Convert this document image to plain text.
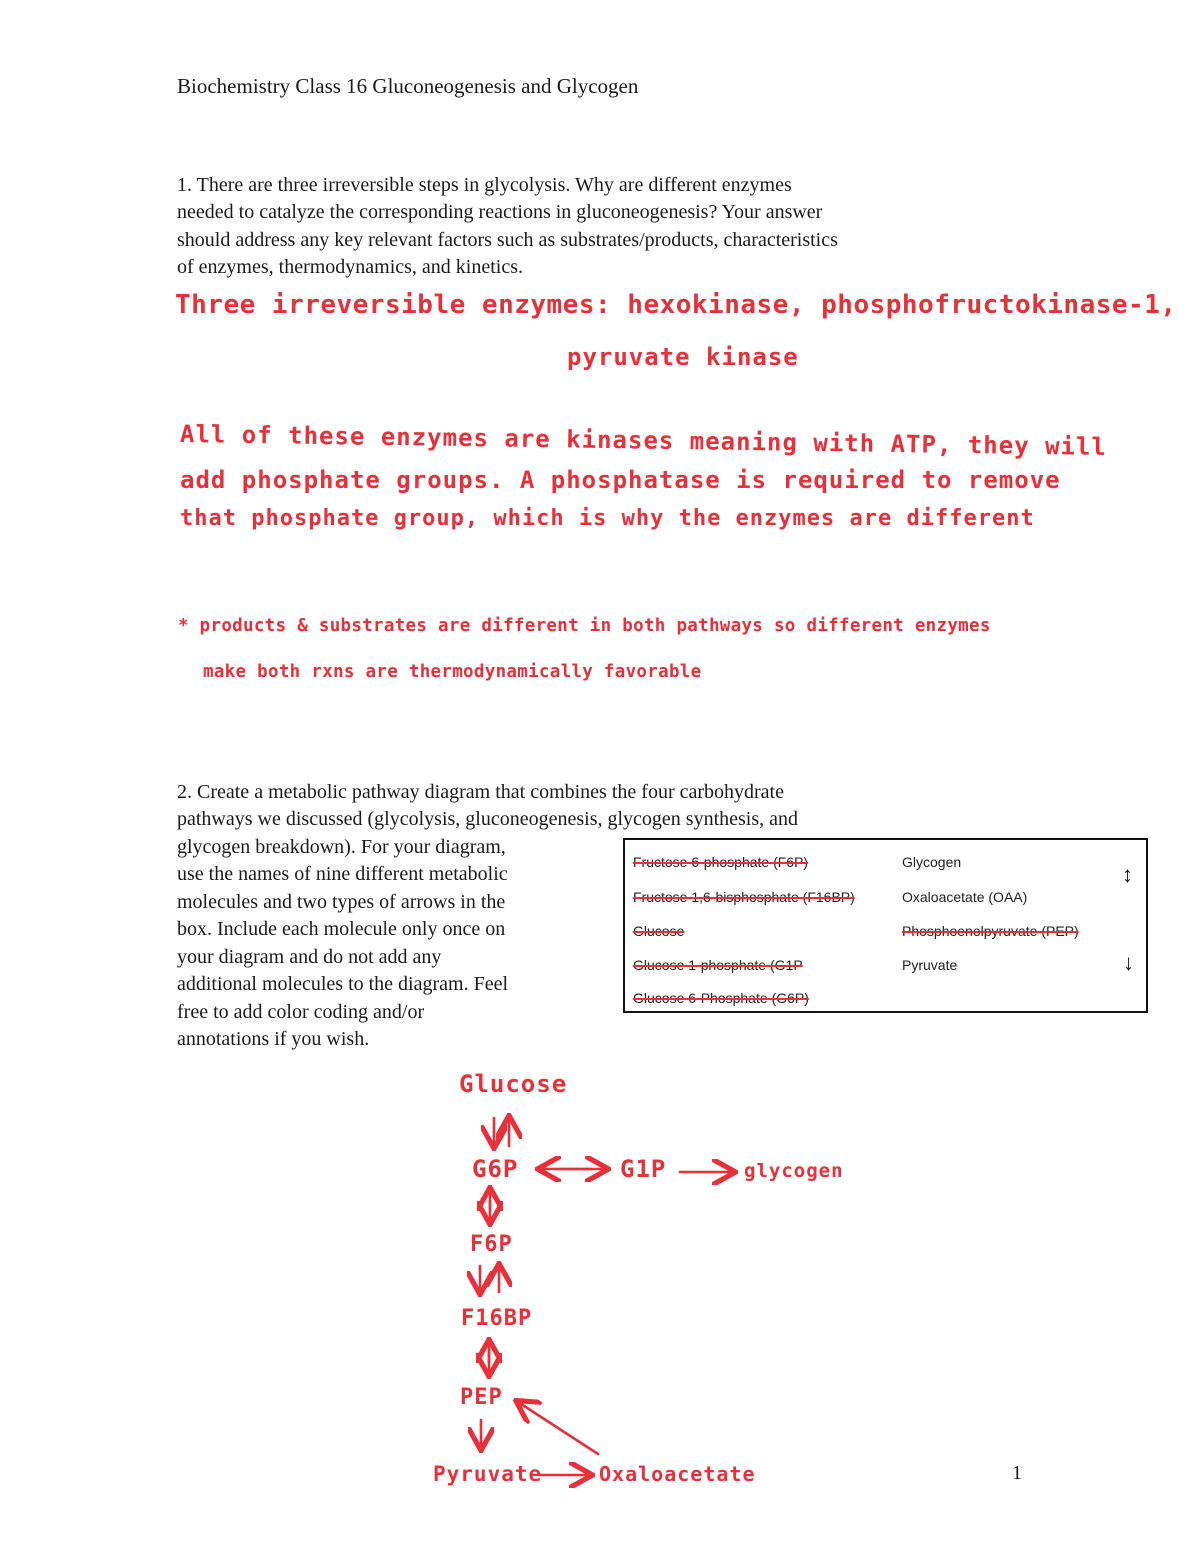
Biochemistry Class 16 Gluconeogenesis and Glycogen
1. There are three irreversible steps in glycolysis. Why are different enzymes
needed to catalyze the corresponding reactions in gluconeogenesis? Your answer
should address any key relevant factors such as substrates/products, characteristics
of enzymes, thermodynamics, and kinetics.
Three irreversible enzymes: hexokinase, phosphofructokinase-1,
pyruvate kinase
All of these enzymes are kinases meaning with ATP, they will
add phosphate groups. A phosphatase is required to remove
that phosphate group, which is why the enzymes are different
* products & substrates are different in both pathways so different enzymes
make both rxns are thermodynamically favorable
2. Create a metabolic pathway diagram that combines the four carbohydrate
pathways we discussed (glycolysis, gluconeogenesis, glycogen synthesis, and
glycogen breakdown). For your diagram,
use the names of nine different metabolic
molecules and two types of arrows in the
box. Include each molecule only once on
your diagram and do not add any
additional molecules to the diagram. Feel
free to add color coding and/or
annotations if you wish.
Fructose 6-phosphate (F6P)
Fructose 1,6-bisphosphate (F16BP)
Glucose
Glucose 1-phosphate (G1P
Glucose 6-Phosphate (G6P)
Glycogen
Oxaloacetate (OAA)
Phosphoenolpyruvate (PEP)
Pyruvate
↕
↓
Glucose
G6P	G1P	glycogen
F6P
F16BP
PEP
Pyruvate	Oxaloacetate	1
